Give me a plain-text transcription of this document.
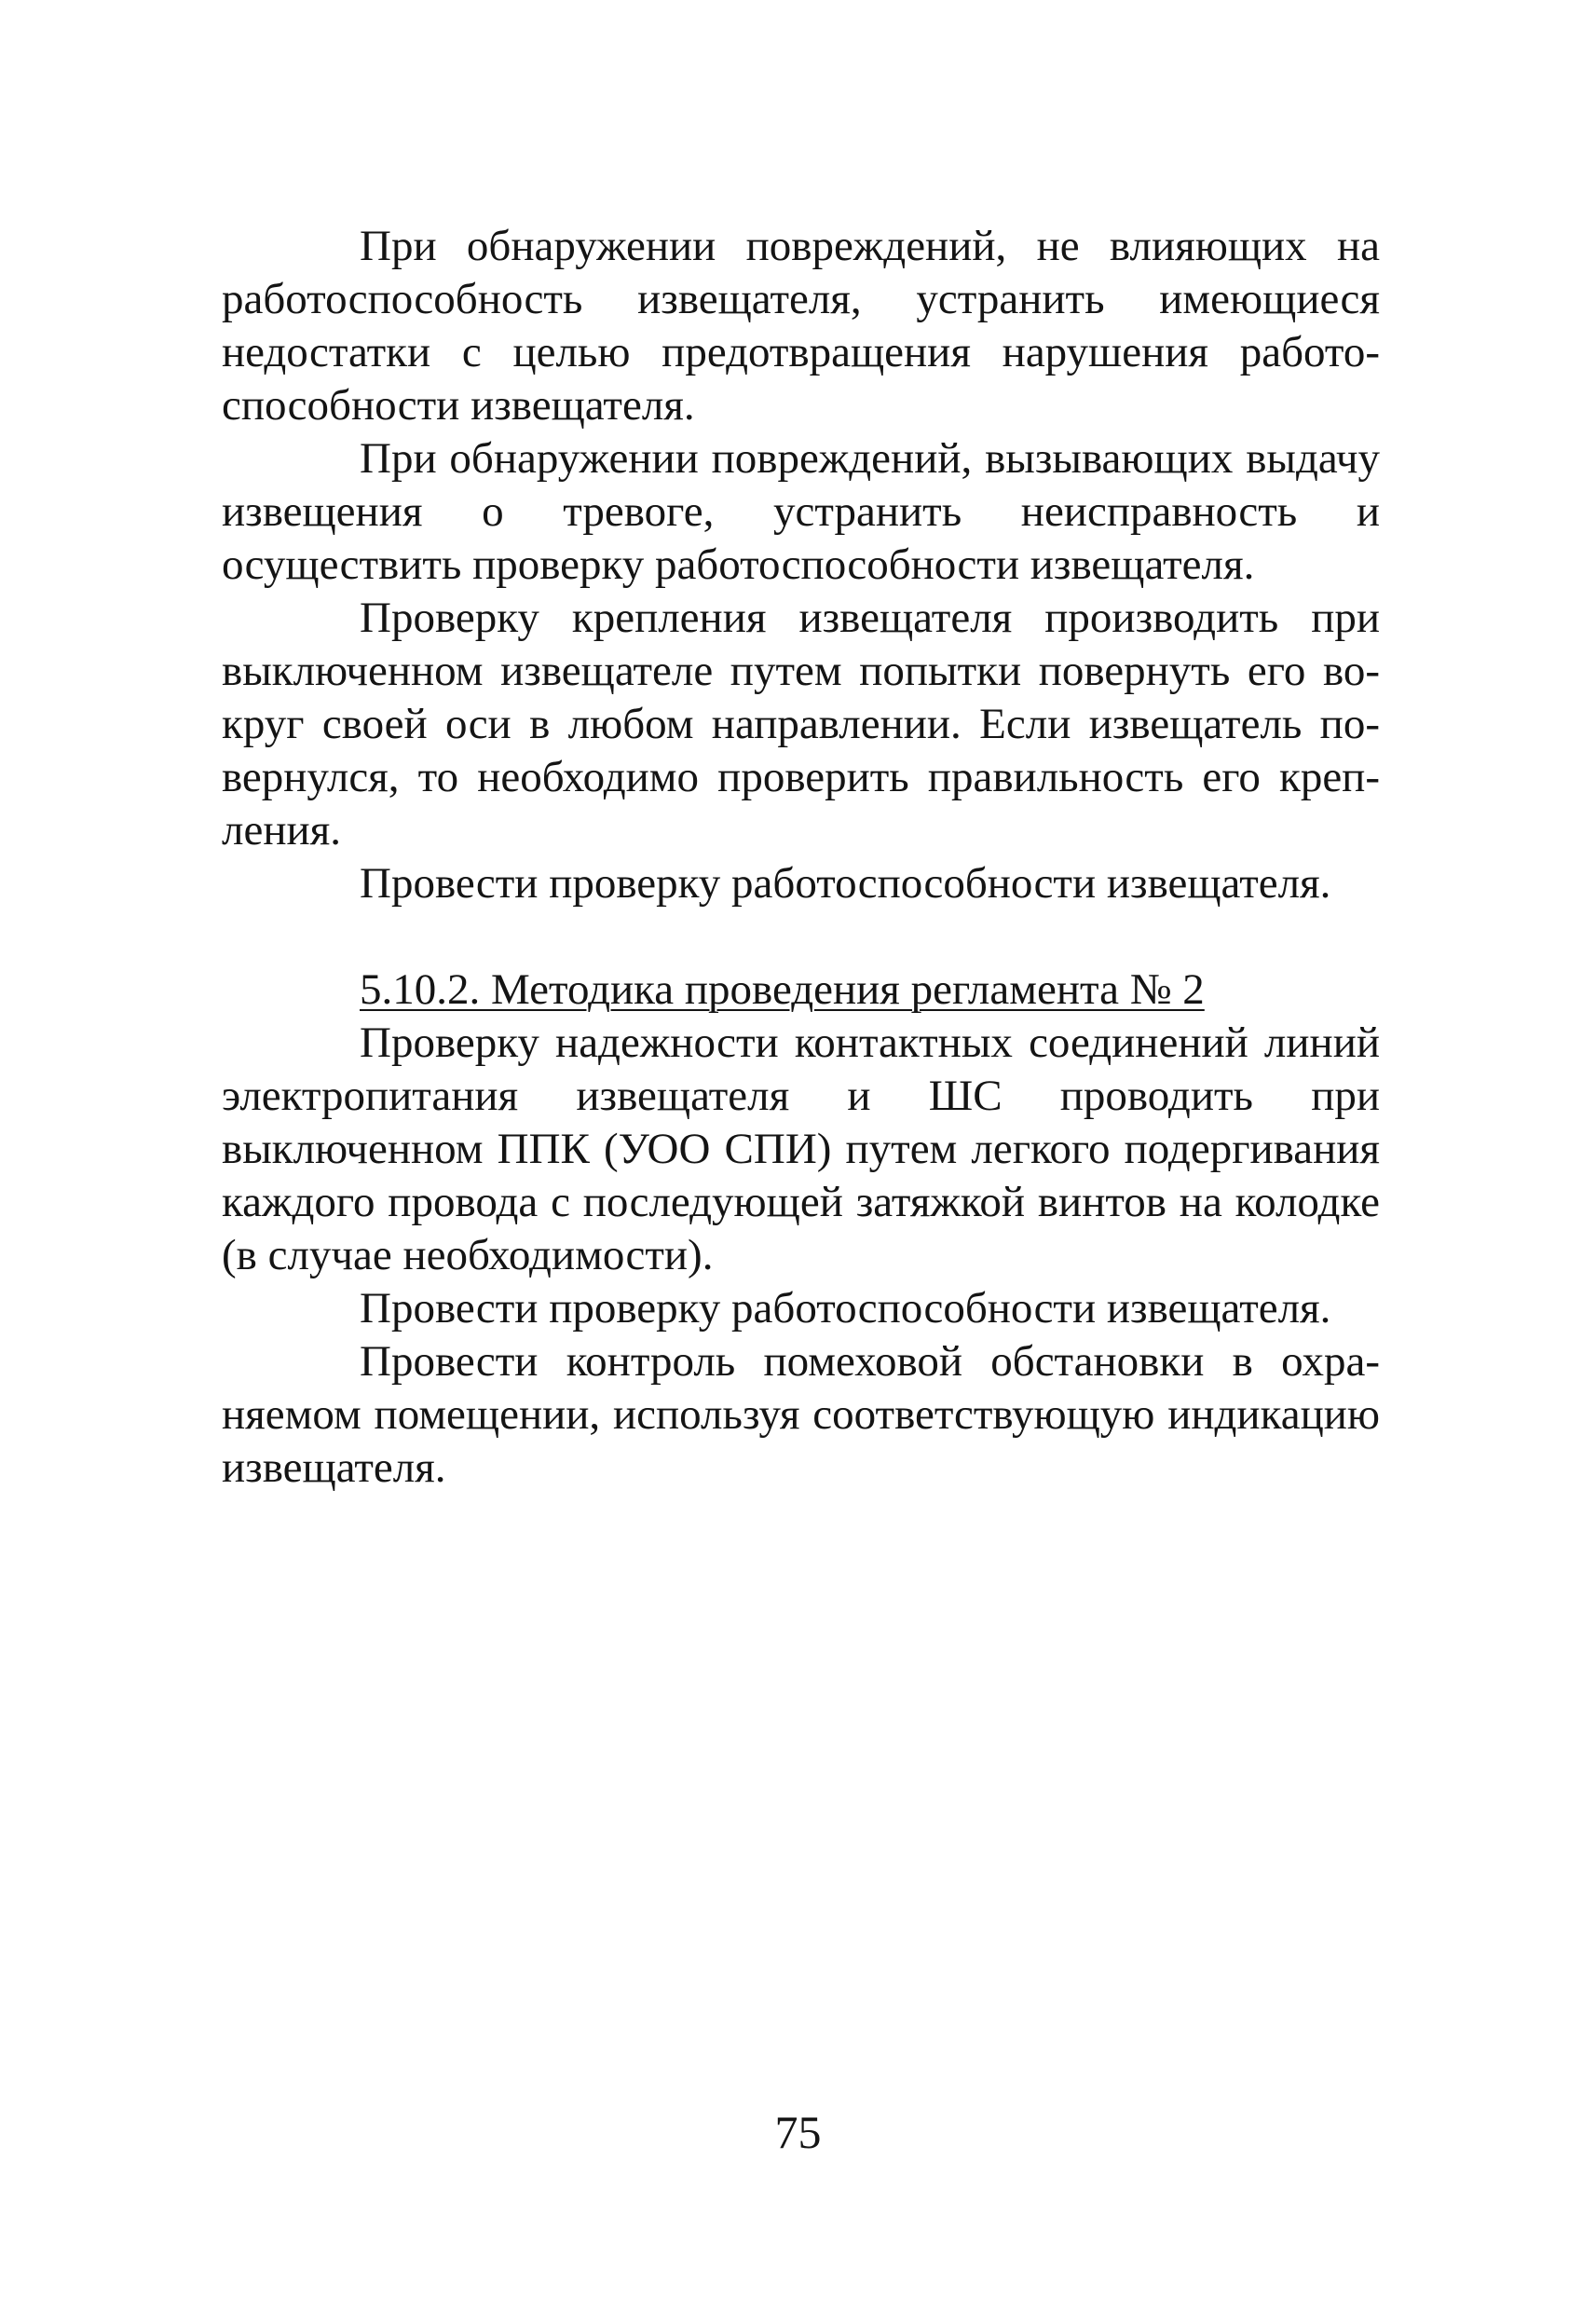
При обнаружении повреждений, не влияющих на работоспособность извещателя, устранить имеющиеся недостатки с целью предотвращения нарушения работоспособности извещателя.

При обнаружении повреждений, вызывающих выдачу извещения о тревоге, устранить неисправность и осуществить проверку работоспособности извещателя.

Проверку крепления извещателя производить при выключенном извещателе путем попытки повернуть его вокруг своей оси в любом направлении. Если извещатель повернулся, то необходимо проверить правильность его крепления.

Провести проверку работоспособности извещателя.

5.10.2. Методика проведения регламента № 2

Проверку надежности контактных соединений линий электропитания извещателя и ШС проводить при выключенном ППК (УОО СПИ) путем легкого подергивания каждого провода с последующей затяжкой винтов на колодке (в случае необходимости).

Провести проверку работоспособности извещателя.

Провести контроль помеховой обстановки в охраняемом помещении, используя соответствующую индикацию извещателя.

75
